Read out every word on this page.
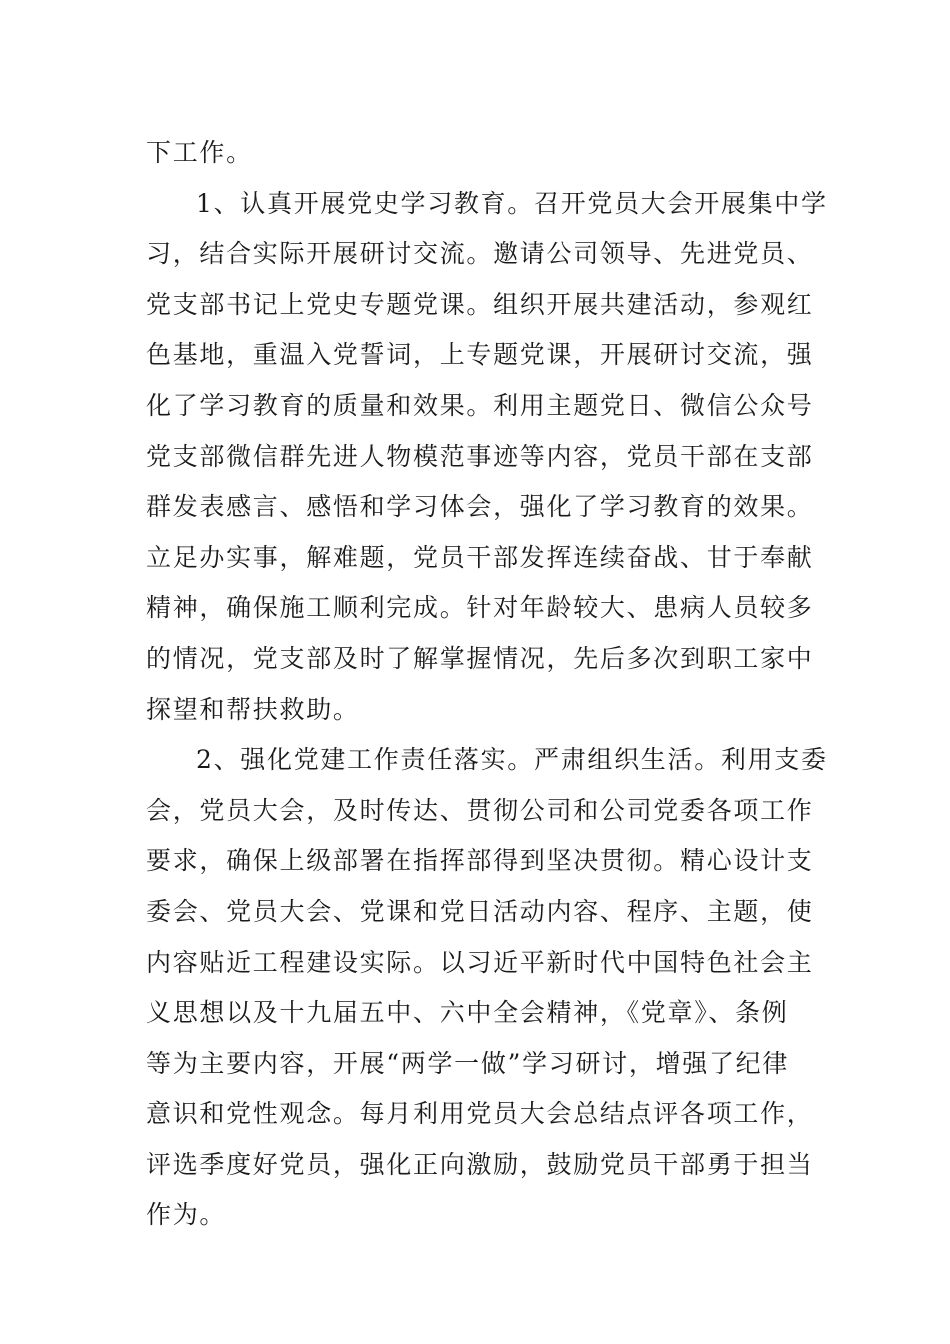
下工作。
1、认真开展党史学习教育。召开党员大会开展集中学
习，结合实际开展研讨交流。邀请公司领导、先进党员、
党支部书记上党史专题党课。组织开展共建活动，参观红
色基地，重温入党誓词，上专题党课，开展研讨交流，强
化了学习教育的质量和效果。利用主题党日、微信公众号
党支部微信群先进人物模范事迹等内容，党员干部在支部
群发表感言、感悟和学习体会，强化了学习教育的效果。
立足办实事，解难题，党员干部发挥连续奋战、甘于奉献
精神，确保施工顺利完成。针对年龄较大、患病人员较多
的情况，党支部及时了解掌握情况，先后多次到职工家中
探望和帮扶救助。
2、强化党建工作责任落实。严肃组织生活。利用支委
会，党员大会，及时传达、贯彻公司和公司党委各项工作
要求，确保上级部署在指挥部得到坚决贯彻。精心设计支
委会、党员大会、党课和党日活动内容、程序、主题，使
内容贴近工程建设实际。以习近平新时代中国特色社会主
义思想以及十九届五中、六中全会精神，《党章》、条例
等为主要内容，开展“两学一做”学习研讨，增强了纪律
意识和党性观念。每月利用党员大会总结点评各项工作，
评选季度好党员，强化正向激励，鼓励党员干部勇于担当
作为。
